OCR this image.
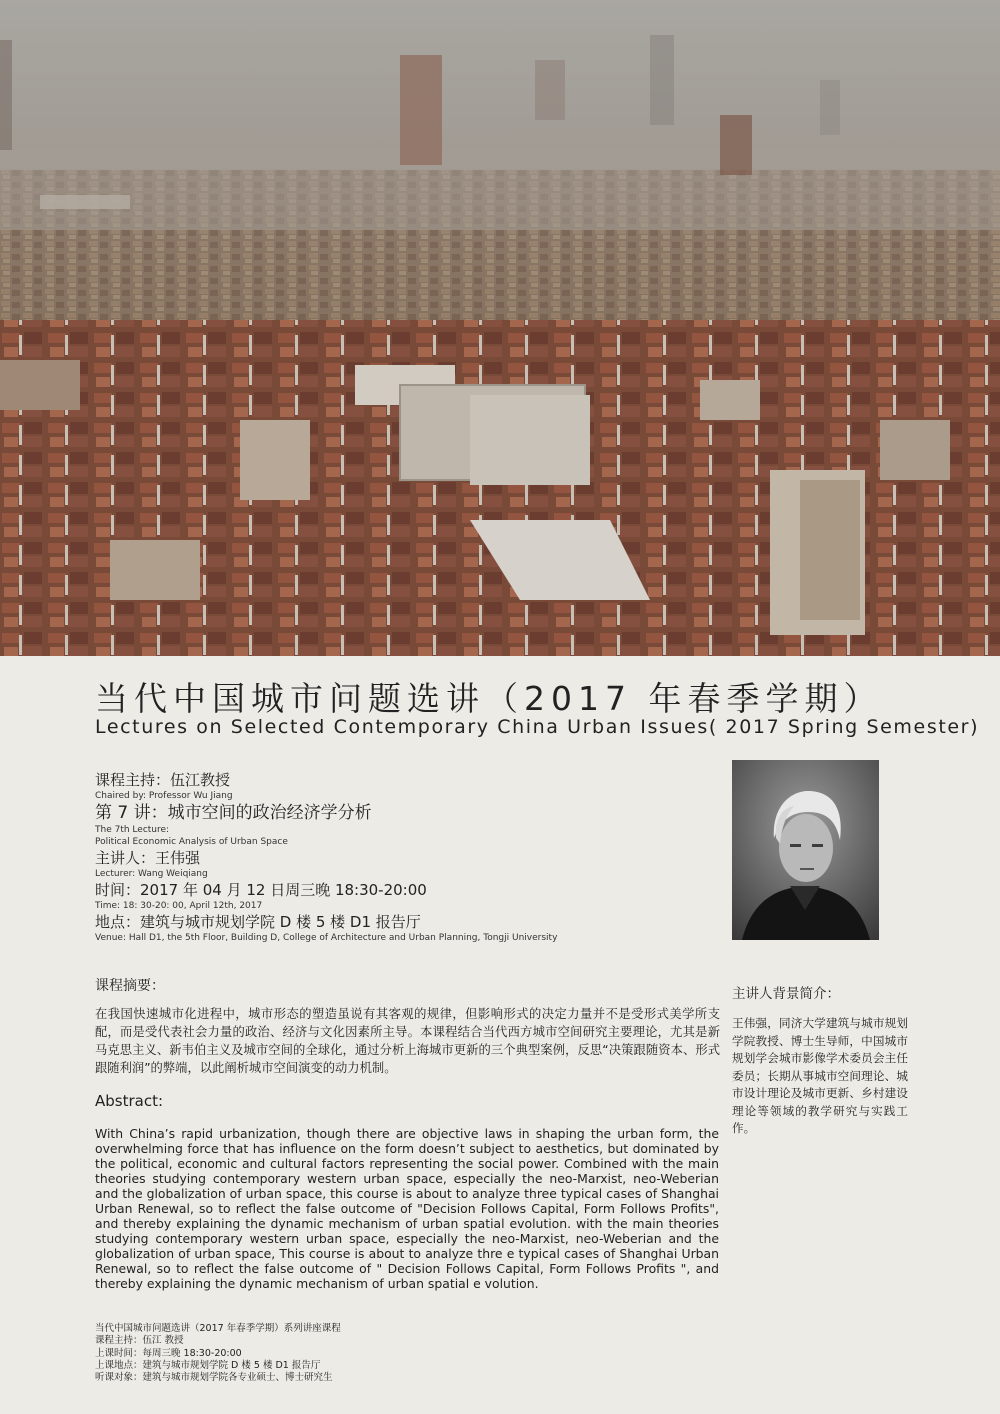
当代中国城市问题选讲（2017 年春季学期）
Lectures on Selected Contemporary China Urban Issues( 2017 Spring Semester)
课程主持：伍江教授
Chaired by: Professor Wu Jiang
第 7 讲：城市空间的政治经济学分析
The 7th Lecture:
Political Economic Analysis of Urban Space
主讲人：王伟强
Lecturer: Wang Weiqiang
时间：2017 年 04 月 12 日周三晚 18:30-20:00
Time: 18: 30-20: 00, April 12th, 2017
地点：建筑与城市规划学院 D 楼 5 楼 D1 报告厅
Venue: Hall D1, the 5th Floor, Building D, College of Architecture and Urban Planning, Tongji University
课程摘要：
在我国快速城市化进程中，城市形态的塑造虽说有其客观的规律，但影响形式的决定力量并不是受形式美学所支配，而是受代表社会力量的政治、经济与文化因素所主导。本课程结合当代西方城市空间研究主要理论，尤其是新马克思主义、新韦伯主义及城市空间的全球化，通过分析上海城市更新的三个典型案例，反思“决策跟随资本、形式跟随利润”的弊端，以此阐析城市空间演变的动力机制。
Abstract:
With China’s rapid urbanization, though there are objective laws in shaping the urban form, the overwhelming force that has influence on the form doesn’t subject to aesthetics, but dominated by the political, economic and cultural factors representing the social power. Combined with the main theories studying contemporary western urban space, especially the neo-Marxist, neo-Weberian and the globalization of urban space, this course is about to analyze three typical cases of Shanghai Urban Renewal, so to reflect the false outcome of "Decision Follows Capital, Form Follows Profits", and thereby explaining the dynamic mechanism of urban spatial evolution. with the main theories studying contemporary western urban space, especially the neo-Marxist, neo-Weberian and the globalization of urban space, This course is about to analyze thre e typical cases of Shanghai Urban Renewal, so to reflect the false outcome of " Decision Follows Capital, Form Follows Profits ", and thereby explaining the dynamic mechanism of urban spatial e volution.
主讲人背景简介：
王伟强，同济大学建筑与城市规划学院教授、博士生导师，中国城市规划学会城市影像学术委员会主任委员；长期从事城市空间理论、城市设计理论及城市更新、乡村建设理论等领域的教学研究与实践工作。
当代中国城市问题选讲（2017 年春季学期）系列讲座课程
课程主持：伍江 教授
上课时间：每周三晚 18:30-20:00
上课地点：建筑与城市规划学院 D 楼 5 楼 D1 报告厅
听课对象：建筑与城市规划学院各专业硕士、博士研究生
